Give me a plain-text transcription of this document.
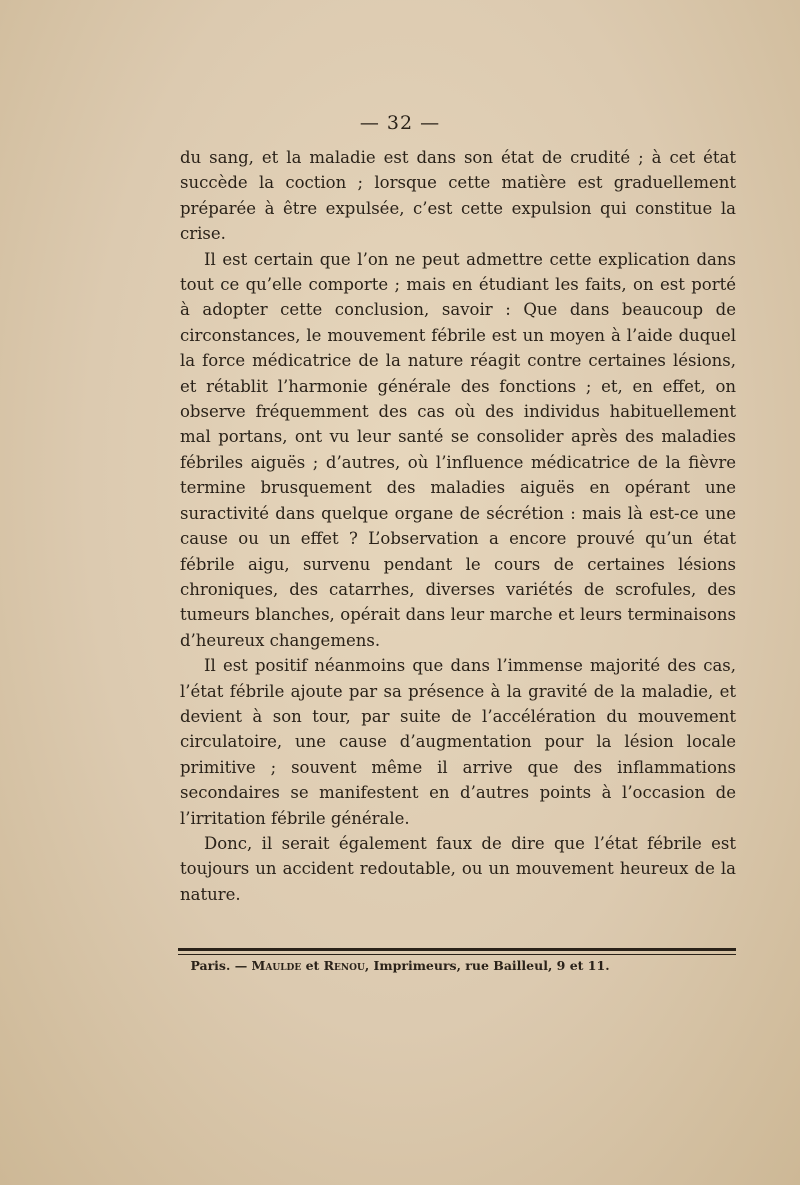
— 32 —

du sang, et la maladie est dans son état de crudité ; à cet état succède la coction ; lorsque cette matière est graduellement préparée à être expulsée, c’est cette expulsion qui constitue la crise.

Il est certain que l’on ne peut admettre cette explication dans tout ce qu’elle comporte ; mais en étudiant les faits, on est porté à adopter cette conclusion, savoir : Que dans beaucoup de circonstances, le mouvement fébrile est un moyen à l’aide duquel la force médicatrice de la nature réagit contre certaines lésions, et rétablit l’harmonie générale des fonctions ; et, en effet, on observe fréquemment des cas où des individus habituellement mal portans, ont vu leur santé se consolider après des maladies fébriles aiguës ; d’autres, où l’influence médicatrice de la fièvre termine brusquement des maladies aiguës en opérant une suractivité dans quelque organe de sécrétion : mais là est-ce une cause ou un effet ? L’observation a encore prouvé qu’un état fébrile aigu, survenu pendant le cours de certaines lésions chroniques, des catarrhes, diverses variétés de scrofules, des tumeurs blanches, opérait dans leur marche et leurs terminaisons d’heureux changemens.

Il est positif néanmoins que dans l’immense majorité des cas, l’état fébrile ajoute par sa présence à la gravité de la maladie, et devient à son tour, par suite de l’accélération du mouvement circulatoire, une cause d’augmentation pour la lésion locale primitive ; souvent même il arrive que des inflammations secondaires se manifestent en d’autres points à l’occasion de l’irritation fébrile générale.

Donc, il serait également faux de dire que l’état fébrile est toujours un accident redoutable, ou un mouvement heureux de la nature.

Paris. — Maulde et Renou, Imprimeurs, rue Bailleul, 9 et 11.
